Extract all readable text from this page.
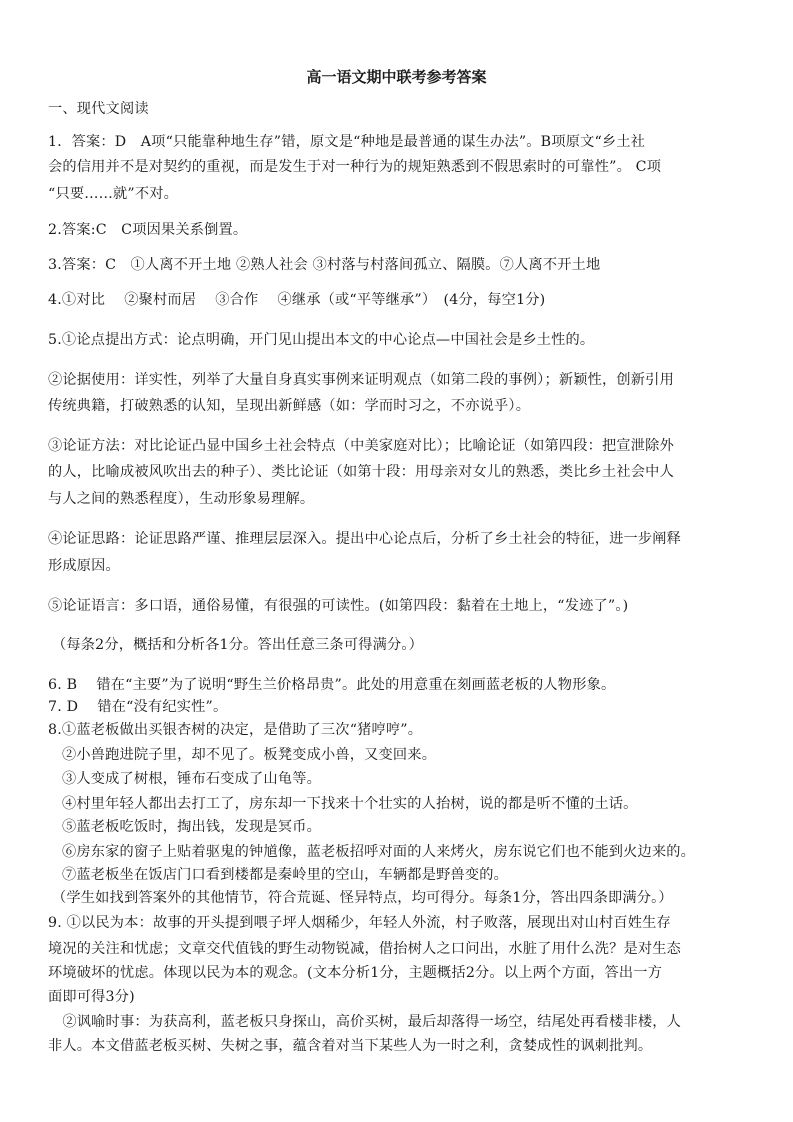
高一语文期中联考参考答案
一、现代文阅读
1．答案：D　A项“只能靠种地生存”错，原文是“种地是最普通的谋生办法”。B项原文“乡土社
会的信用并不是对契约的重视，而是发生于对一种行为的规矩熟悉到不假思索时的可靠性”。 C项
“只要……就”不对。
2.答案:C　C项因果关系倒置。
3.答案：C　①人离不开土地 ②熟人社会 ③村落与村落间孤立、隔膜。⑦人离不开土地
4.①对比　 ②聚村而居　 ③合作　 ④继承（或“平等继承”）　(4分，每空1分)
5.①论点提出方式：论点明确，开门见山提出本文的中心论点—中国社会是乡土性的。
②论据使用：详实性，列举了大量自身真实事例来证明观点（如第二段的事例）；新颖性，创新引用
传统典籍，打破熟悉的认知，呈现出新鲜感（如：学而时习之，不亦说乎）。
③论证方法：对比论证凸显中国乡土社会特点（中美家庭对比）；比喻论证（如第四段：把宣泄除外
的人，比喻成被风吹出去的种子）、类比论证（如第十段：用母亲对女儿的熟悉，类比乡土社会中人
与人之间的熟悉程度），生动形象易理解。
④论证思路：论证思路严谨、推理层层深入。提出中心论点后，分析了乡土社会的特征，进一步阐释
形成原因。
⑤论证语言：多口语，通俗易懂，有很强的可读性。(如第四段：黏着在土地上，“发迹了”。)
（每条2分，概括和分析各1分。答出任意三条可得满分。）
6. B　 错在“主要”为了说明“野生兰价格昂贵”。此处的用意重在刻画蓝老板的人物形象。
7. D　 错在“没有纪实性”。
8.①蓝老板做出买银杏树的决定，是借助了三次“猪哼哼”。
②小兽跑进院子里，却不见了。板凳变成小兽，又变回来。
③人变成了树根，锤布石变成了山龟等。
④村里年轻人都出去打工了，房东却一下找来十个壮实的人抬树，说的都是听不懂的土话。
⑤蓝老板吃饭时，掏出钱，发现是冥币。
⑥房东家的窗子上贴着驱鬼的钟馗像，蓝老板招呼对面的人来烤火，房东说它们也不能到火边来的。
⑦蓝老板坐在饭店门口看到楼都是秦岭里的空山，车辆都是野兽变的。
（学生如找到答案外的其他情节，符合荒诞、怪异特点，均可得分。每条1分，答出四条即满分。）
9. ①以民为本：故事的开头提到喂子坪人烟稀少，年轻人外流，村子败落，展现出对山村百姓生存
境况的关注和忧虑；文章交代值钱的野生动物锐减，借抬树人之口问出，水脏了用什么洗？是对生态
环境破坏的忧虑。体现以民为本的观念。(文本分析1分，主题概括2分。以上两个方面，答出一方
面即可得3分)
　②讽喻时事：为获高利，蓝老板只身探山，高价买树，最后却落得一场空，结尾处再看楼非楼，人
非人。本文借蓝老板买树、失树之事，蕴含着对当下某些人为一时之利，贪婪成性的讽刺批判。
